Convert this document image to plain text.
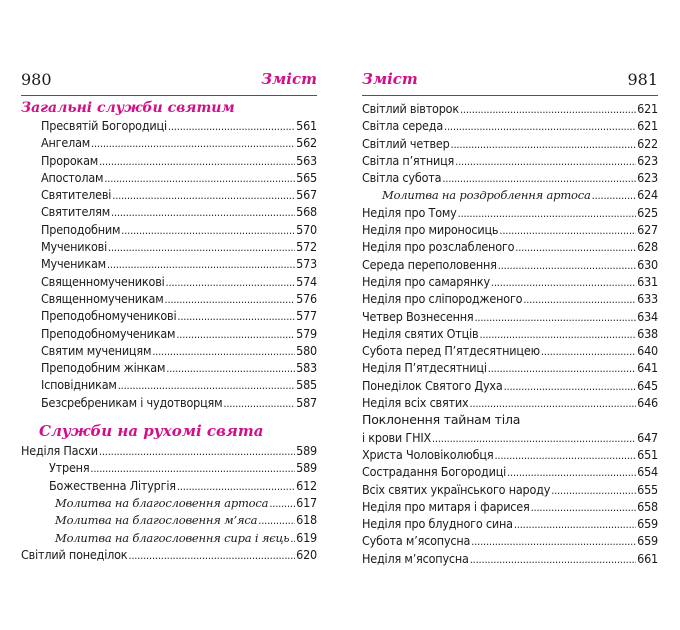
980	Зміст
Загальні служби святим
Пресвятій Богородиці .....	561
Ангелам .....	562
Пророкам .....	563
Апостолам .....	565
Святителеві .....	567
Святителям .....	568
Преподобним .....	570
Мученикові .....	572
Мученикам .....	573
Священномученикові .....	574
Священномученикам .....	576
Преподобномученикові .....	577
Преподобномученикам .....	579
Святим мученицям .....	580
Преподобним жінкам .....	583
Ісповідникам .....	585
Безсребреникам і чудотворцям .....	587
Служби на рухомі свята
Неділя Пасхи .....	589
Утреня .....	589
Божественна Літургія .....	612
Молитва на благословення артоса ..... 617
Молитва на благословення м’яса .....	618
Молитва на благословення сира і яєць ..... 619
Світлий понеділок .....	620
Зміст	981
Світлий вівторок .....	621
Світла середа .....	621
Світлий четвер .....	622
Світла п’ятниця .....	623
Світла субота .....	623
Молитва на роздроблення артоса .....	624
Неділя про Тому .....	625
Неділя про мироносиць .....	627
Неділя про розслабленого .....	628
Середа переполовення .....	630
Неділя про самарянку .....	631
Неділя про сліпородженого .....	633
Четвер Вознесення .....	634
Неділя святих Отців .....	638
Субота перед П’ятдесятницею .....	640
Неділя П’ятдесятниці .....	641
Понеділок Святого Духа .....	645
Неділя всіх святих .....	646
Поклонення тайнам тіла
і крови ГНІХ .....	647
Христа Чоловіколюбця .....	651
Сострадання Богородиці .....	654
Всіх святих українського народу .....	655
Неділя про митаря і фарисея .....	658
Неділя про блудного сина .....	659
Субота м’ясопусна .....	659
Неділя м’ясопусна .....	661
